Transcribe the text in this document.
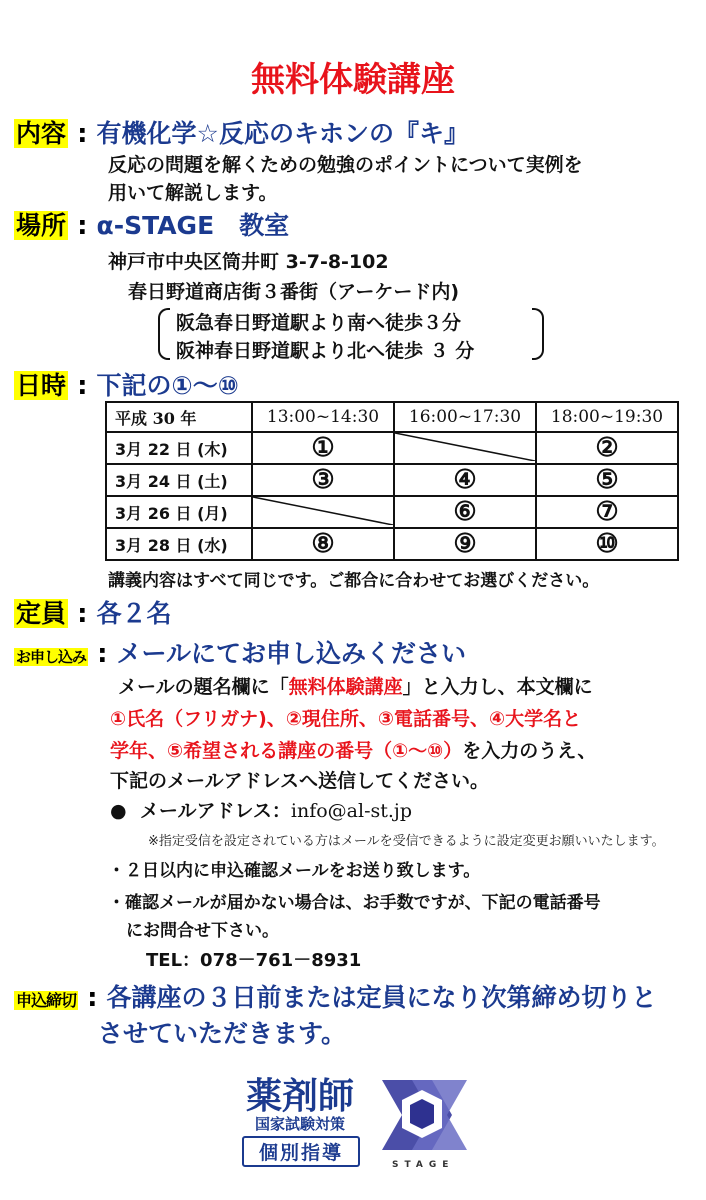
無料体験講座
内容 : 有機化学☆反応のキホンの『キ』
反応の問題を解くための勉強のポイントについて実例を
用いて解説します。
場所 : α-STAGE　教室
神戸市中央区筒井町 3-7-8-102
春日野道商店街３番街（アーケード内)
阪急春日野道駅より南へ徒歩３分
阪神春日野道駅より北へ徒歩 ３ 分
日時 : 下記の①～⑩
平成 30 年	13:00~14:30	16:00~17:30	18:00~19:30
3月 22 日 (木)	①		②
3月 24 日 (土)	③	④	⑤
3月 26 日 (月)		⑥	⑦
3月 28 日 (水)	⑧	⑨	⑩
講義内容はすべて同じです。ご都合に合わせてお選びください。
定員 : 各２名
お申し込み : メールにてお申し込みください
メールの題名欄に「無料体験講座」と入力し、本文欄に
①氏名（フリガナ)、②現住所、③電話番号、④大学名と
学年、⑤希望される講座の番号（①～⑩）を入力のうえ、
下記のメールアドレスへ送信してください。
● メールアドレス：info@al-st.jp
※指定受信を設定されている方はメールを受信できるように設定変更お願いいたします。
・２日以内に申込確認メールをお送り致します。
・確認メールが届かない場合は、お手数ですが、下記の電話番号
にお問合せ下さい。
TEL：078－761－8931
申込締切 : 各講座の３日前または定員になり次第締め切りと
させていただきます。
薬剤師
国家試験対策
個別指導
STAGE
